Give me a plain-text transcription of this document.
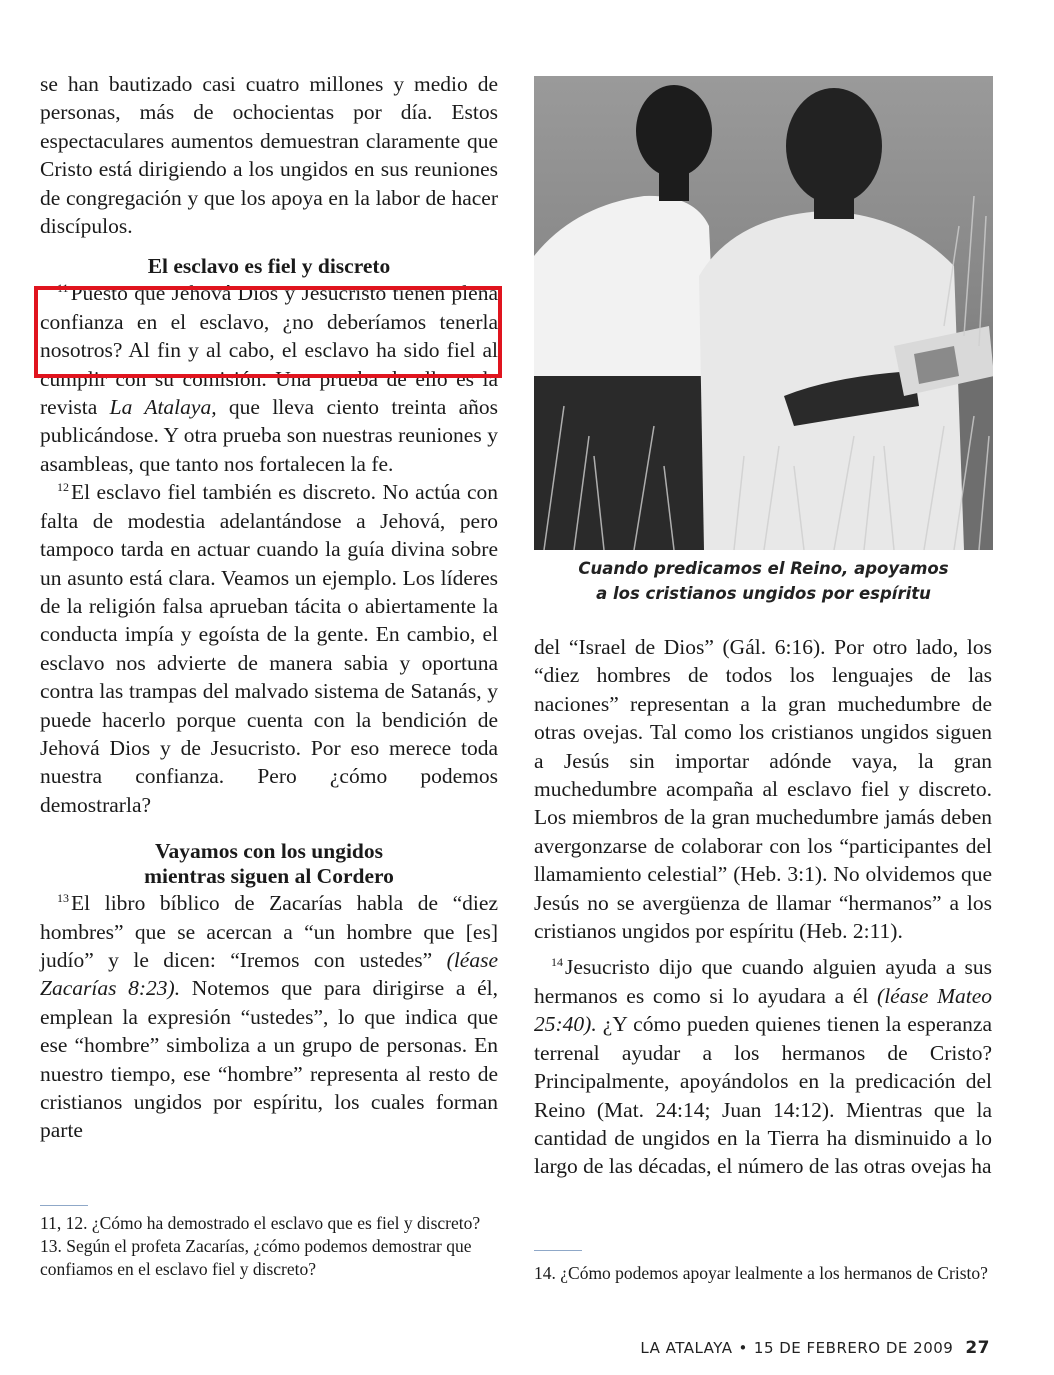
se han bautizado casi cuatro millones y medio de personas, más de ochocientas por día. Estos espectaculares aumentos demuestran claramente que Cristo está dirigiendo a los ungidos en sus reuniones de congregación y que los apoya en la labor de hacer discípulos.

El esclavo es fiel y discreto

$^{11}$Puesto que Jehová Dios y Jesucristo tienen plena confianza en el esclavo, ¿no deberíamos tenerla nosotros? Al fin y al cabo, el esclavo ha sido fiel al cumplir con su comisión. Una prueba de ello es la revista La Atalaya, que lleva ciento treinta años publicándose. Y otra prueba son nuestras reuniones y asambleas, que tanto nos fortalecen la fe.

$^{12}$El esclavo fiel también es discreto. No actúa con falta de modestia adelantándose a Jehová, pero tampoco tarda en actuar cuando la guía divina sobre un asunto está clara. Veamos un ejemplo. Los líderes de la religión falsa aprueban tácita o abiertamente la conducta impía y egoísta de la gente. En cambio, el esclavo nos advierte de manera sabia y oportuna contra las trampas del malvado sistema de Satanás, y puede hacerlo porque cuenta con la bendición de Jehová Dios y de Jesucristo. Por eso merece toda nuestra confianza. Pero ¿cómo podemos demostrarla?

Vayamos con los ungidos
mientras siguen al Cordero

$^{13}$El libro bíblico de Zacarías habla de “diez hombres” que se acercan a “un hombre que [es] judío” y le dicen: “Iremos con ustedes” (léase Zacarías 8:23). Notemos que para dirigirse a él, emplean la expresión “ustedes”, lo que indica que ese “hombre” simboliza a un grupo de personas. En nuestro tiempo, ese “hombre” representa al resto de cristianos ungidos por espíritu, los cuales forman parte

Cuando predicamos el Reino, apoyamos
a los cristianos ungidos por espíritu

del “Israel de Dios” (Gál. 6:16). Por otro lado, los “diez hombres de todos los lenguajes de las naciones” representan a la gran muchedumbre de otras ovejas. Tal como los cristianos ungidos siguen a Jesús sin importar adónde vaya, la gran muchedumbre acompaña al esclavo fiel y discreto. Los miembros de la gran muchedumbre jamás deben avergonzarse de colaborar con los “participantes del llamamiento celestial” (Heb. 3:1). No olvidemos que Jesús no se avergüenza de llamar “hermanos” a los cristianos ungidos por espíritu (Heb. 2:11).

$^{14}$Jesucristo dijo que cuando alguien ayuda a sus hermanos es como si lo ayudara a él (léase Mateo 25:40). ¿Y cómo pueden quienes tienen la esperanza terrenal ayudar a los hermanos de Cristo? Principalmente, apoyándolos en la predicación del Reino (Mat. 24:14; Juan 14:12). Mientras que la cantidad de ungidos en la Tierra ha disminuido a lo largo de las décadas, el número de las otras ovejas ha

11, 12. ¿Cómo ha demostrado el esclavo que es fiel y discreto?

13. Según el profeta Zacarías, ¿cómo podemos demostrar que confiamos en el esclavo fiel y discreto?	14. ¿Cómo podemos apoyar lealmente a los hermanos de Cristo?

LA ATALAYA • 15 DE FEBRERO DE 2009 27
